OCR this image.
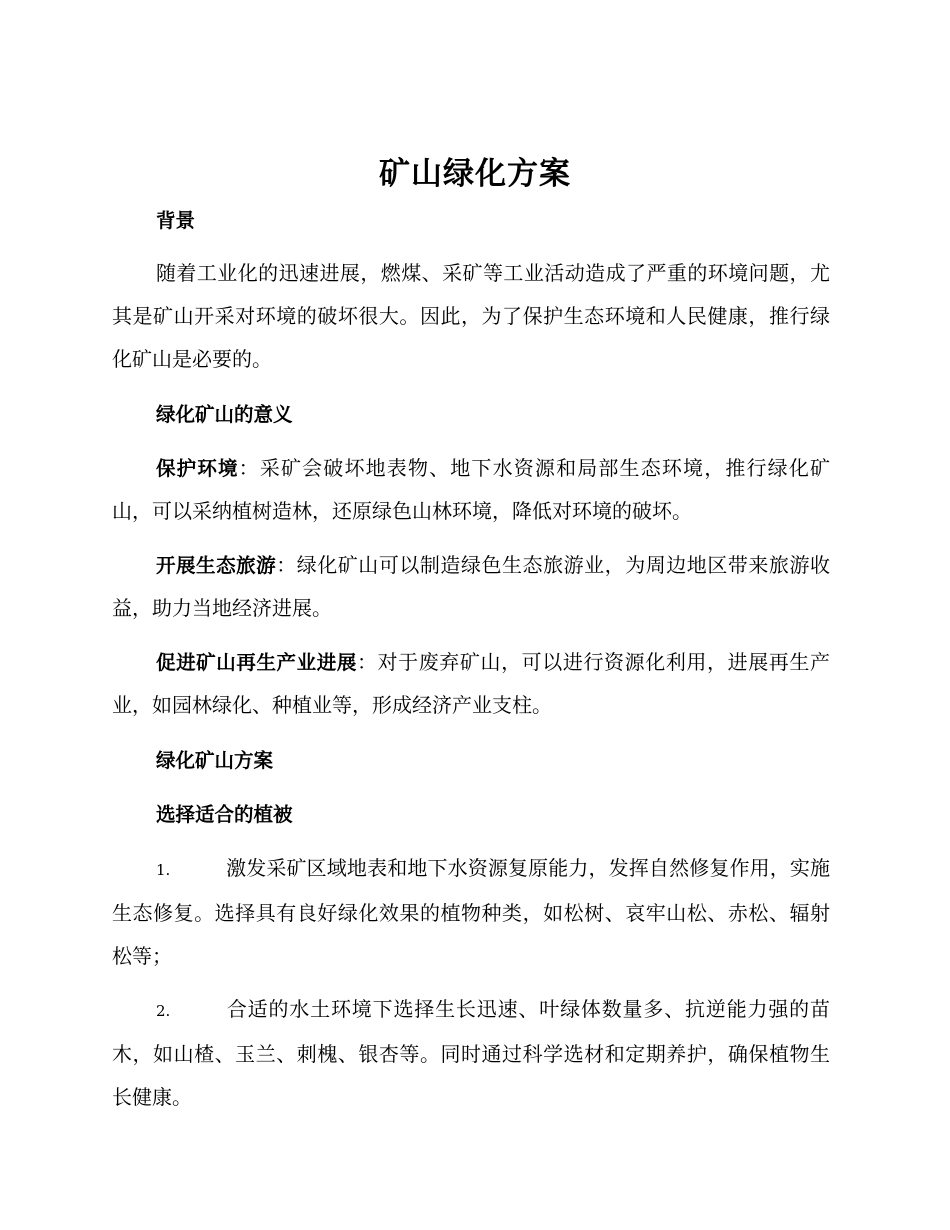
矿山绿化方案

背景

随着工业化的迅速进展，燃煤、采矿等工业活动造成了严重的环境问题，尤其是矿山开采对环境的破坏很大。因此，为了保护生态环境和人民健康，推行绿化矿山是必要的。

绿化矿山的意义

保护环境：采矿会破坏地表物、地下水资源和局部生态环境，推行绿化矿山，可以采纳植树造林，还原绿色山林环境，降低对环境的破坏。

开展生态旅游：绿化矿山可以制造绿色生态旅游业，为周边地区带来旅游收益，助力当地经济进展。

促进矿山再生产业进展：对于废弃矿山，可以进行资源化利用，进展再生产业，如园林绿化、种植业等，形成经济产业支柱。

绿化矿山方案

选择适合的植被

1.	激发采矿区域地表和地下水资源复原能力，发挥自然修复作用，实施生态修复。选择具有良好绿化效果的植物种类，如松树、哀牢山松、赤松、辐射松等；

2.	合适的水土环境下选择生长迅速、叶绿体数量多、抗逆能力强的苗木，如山楂、玉兰、刺槐、银杏等。同时通过科学选材和定期养护，确保植物生长健康。
